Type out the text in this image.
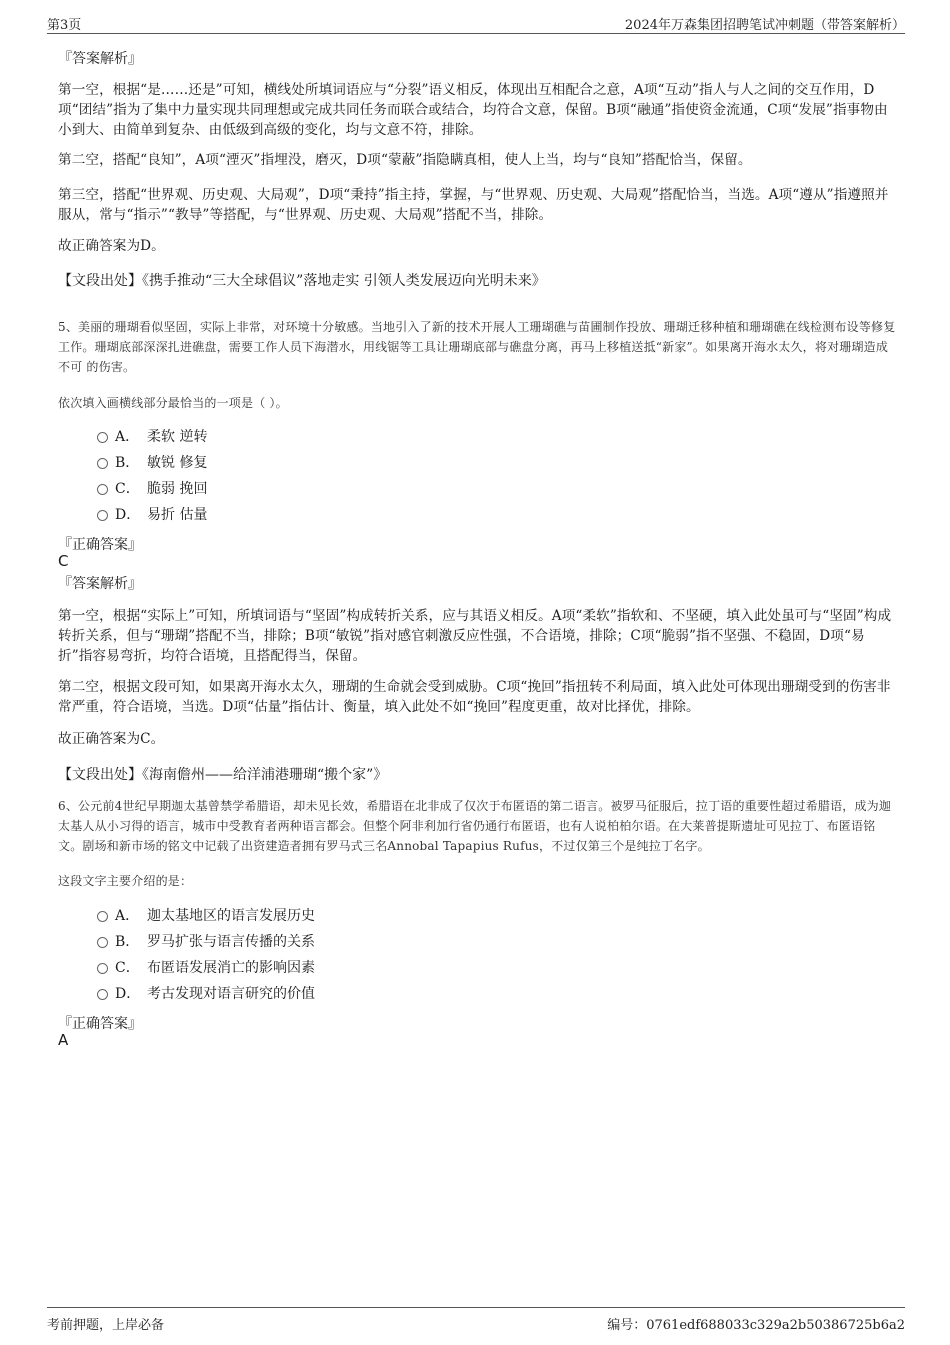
第3页	2024年万森集团招聘笔试冲刺题（带答案解析）
『答案解析』
第一空，根据“是……还是”可知，横线处所填词语应与“分裂”语义相反，体现出互相配合之意，A项“互动”指人与人之间的交互作用，D项“团结”指为了集中力量实现共同理想或完成共同任务而联合或结合，均符合文意，保留。B项“融通”指使资金流通，C项“发展”指事物由小到大、由简单到复杂、由低级到高级的变化，均与文意不符，排除。
第二空，搭配“良知”，A项“湮灭”指埋没，磨灭，D项“蒙蔽”指隐瞒真相，使人上当，均与“良知”搭配恰当，保留。
第三空，搭配“世界观、历史观、大局观”，D项“秉持”指主持，掌握，与“世界观、历史观、大局观”搭配恰当，当选。A项“遵从”指遵照并服从，常与“指示”“教导”等搭配，与“世界观、历史观、大局观”搭配不当，排除。
故正确答案为D。
【文段出处】《携手推动“三大全球倡议”落地走实 引领人类发展迈向光明未来》
5、美丽的珊瑚看似坚固，实际上非常，对环境十分敏感。当地引入了新的技术开展人工珊瑚礁与苗圃制作投放、珊瑚迁移种植和珊瑚礁在线检测布设等修复工作。珊瑚底部深深扎进礁盘，需要工作人员下海潜水，用线锯等工具让珊瑚底部与礁盘分离，再马上移植送抵“新家”。如果离开海水太久，将对珊瑚造成不可 的伤害。
依次填入画横线部分最恰当的一项是（ ）。
A． 柔软 逆转
B． 敏锐 修复
C． 脆弱 挽回
D． 易折 估量
『正确答案』
C
『答案解析』
第一空，根据“实际上”可知，所填词语与“坚固”构成转折关系，应与其语义相反。A项“柔软”指软和、不坚硬，填入此处虽可与“坚固”构成转折关系，但与“珊瑚”搭配不当，排除；B项“敏锐”指对感官刺激反应性强，不合语境，排除；C项“脆弱”指不坚强、不稳固，D项“易折”指容易弯折，均符合语境，且搭配得当，保留。
第二空，根据文段可知，如果离开海水太久，珊瑚的生命就会受到威胁。C项“挽回”指扭转不利局面，填入此处可体现出珊瑚受到的伤害非常严重，符合语境，当选。D项“估量”指估计、衡量，填入此处不如“挽回”程度更重，故对比择优，排除。
故正确答案为C。
【文段出处】《海南儋州——给洋浦港珊瑚“搬个家”》
6、公元前4世纪早期迦太基曾禁学希腊语，却未见长效，希腊语在北非成了仅次于布匿语的第二语言。被罗马征服后，拉丁语的重要性超过希腊语，成为迦太基人从小习得的语言，城市中受教育者两种语言都会。但整个阿非利加行省仍通行布匿语，也有人说柏柏尔语。在大莱普提斯遗址可见拉丁、布匿语铭文。剧场和新市场的铭文中记载了出资建造者拥有罗马式三名Annobal Tapapius Rufus，不过仅第三个是纯拉丁名字。
这段文字主要介绍的是：
A． 迦太基地区的语言发展历史
B． 罗马扩张与语言传播的关系
C． 布匿语发展消亡的影响因素
D． 考古发现对语言研究的价值
『正确答案』
A
考前押题，上岸必备	编号：0761edf688033c329a2b50386725b6a2
